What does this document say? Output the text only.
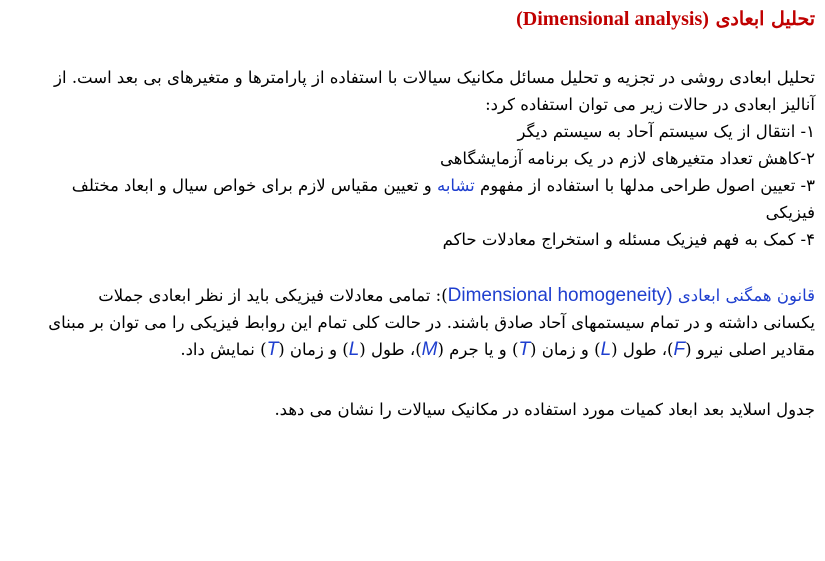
تحلیل ابعادی (Dimensional analysis)
تحلیل ابعادی روشی در تجزیه و تحلیل مسائل مکانیک سیالات با استفاده از پارامترها و متغیرهای بی بعد است. از
آنالیز ابعادی در حالات زیر می توان استفاده کرد:
۱- انتقال از یک سیستم آحاد به سیستم دیگر
۲-کاهش تعداد متغیرهای لازم در یک برنامه آزمایشگاهی
۳- تعیین اصول طراحی مدلها با استفاده از مفهوم تشابه و تعیین مقیاس لازم برای خواص سیال و ابعاد مختلف
فیزیکی
۴- کمک به فهم فیزیک مسئله و استخراج معادلات حاکم
قانون همگنی ابعادی (Dimensional homogeneity): تمامی معادلات فیزیکی باید از نظر ابعادی جملات
یکسانی داشته و در تمام سیستمهای آحاد صادق باشند. در حالت کلی تمام این روابط فیزیکی را می توان بر مبنای
مقادیر اصلی نیرو (F)، طول (L) و زمان (T) و یا جرم (M)، طول (L) و زمان (T) نمایش داد.
جدول اسلاید بعد ابعاد کمیات مورد استفاده در مکانیک سیالات را نشان می دهد.
